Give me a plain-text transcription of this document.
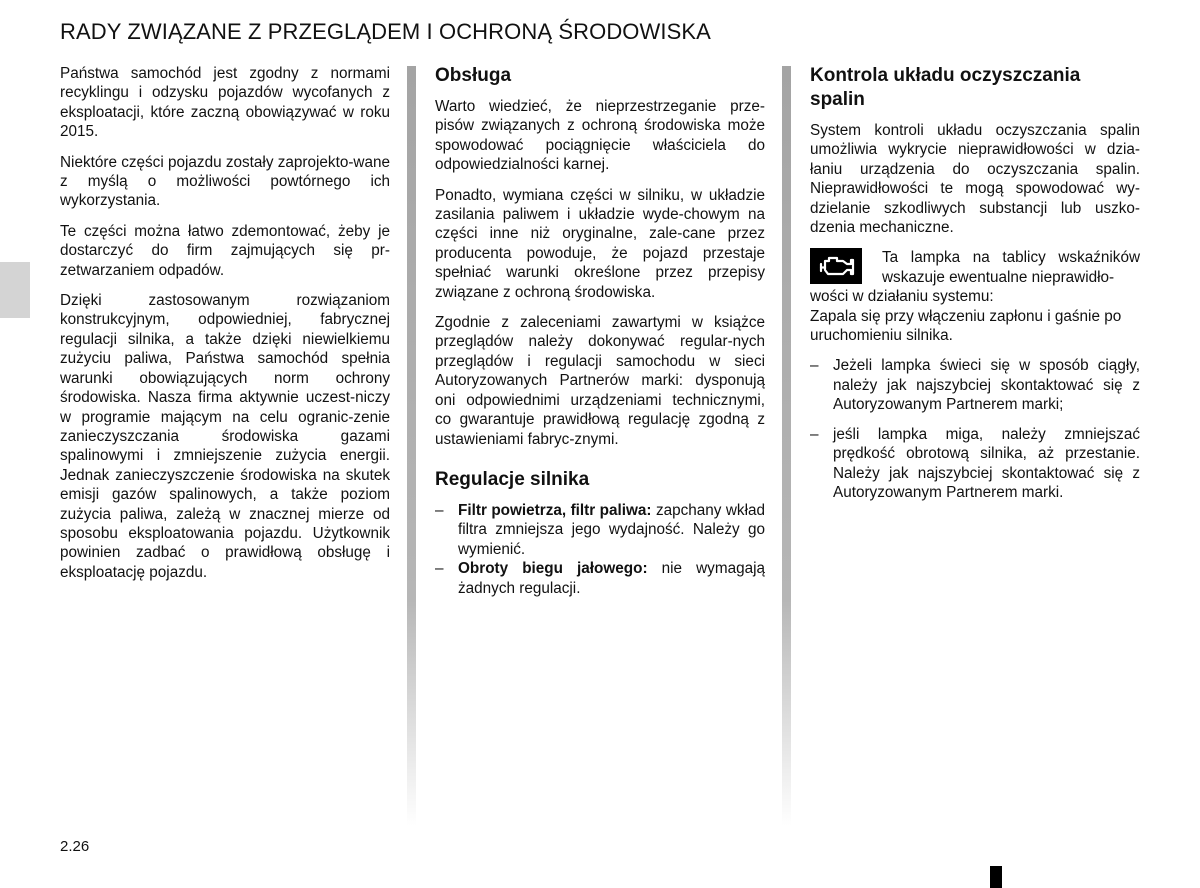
RADY ZWIĄZANE Z PRZEGLĄDEM I OCHRONĄ ŚRODOWISKA

Państwa samochód jest zgodny z normami recyklingu i odzysku pojazdów wycofanych z eksploatacji, które zaczną obowiązywać w roku 2015.

Niektóre części pojazdu zostały zaprojekto-wane z myślą o możliwości powtórnego ich wykorzystania.

Te części można łatwo zdemontować, żeby je dostarczyć do firm zajmujących się pr-zetwarzaniem odpadów.

Dzięki zastosowanym rozwiązaniom konstrukcyjnym, odpowiedniej, fabrycznej regulacji silnika, a także dzięki niewielkiemu zużyciu paliwa, Państwa samochód spełnia warunki obowiązujących norm ochrony środowiska. Nasza firma aktywnie uczest-niczy w programie mającym na celu ogranic-zenie zanieczyszczania środowiska gazami spalinowymi i zmniejszenie zużycia energii. Jednak zanieczyszczenie środowiska na skutek emisji gazów spalinowych, a także poziom zużycia paliwa, zależą w znacznej mierze od sposobu eksploatowania pojazdu. Użytkownik powinien zadbać o prawidłową obsługę i eksploatację pojazdu.

Obsługa

Warto wiedzieć, że nieprzestrzeganie prze-pisów związanych z ochroną środowiska może spowodować pociągnięcie właściciela do odpowiedzialności karnej.

Ponadto, wymiana części w silniku, w układzie zasilania paliwem i układzie wyde-chowym na części inne niż oryginalne, zale-cane przez producenta powoduje, że pojazd przestaje spełniać warunki określone przez przepisy związane z ochroną środowiska.

Zgodnie z zaleceniami zawartymi w książce przeglądów należy dokonywać regular-nych przeglądów i regulacji samochodu w sieci Autoryzowanych Partnerów marki: dysponują oni odpowiednimi urządzeniami technicznymi, co gwarantuje prawidłową regulację zgodną z ustawieniami fabryc-znymi.

Regulacje silnika
– Filtr powietrza, filtr paliwa: zapchany wkład filtra zmniejsza jego wydajność. Należy go wymienić.
– Obroty biegu jałowego: nie wymagają żadnych regulacji.
Kontrola układu oczyszczania spalin

System kontroli układu oczyszczania spalin umożliwia wykrycie nieprawidłowości w dzia-łaniu urządzenia do oczyszczania spalin. Nieprawidłowości te mogą spowodować wy-dzielanie szkodliwych substancji lub uszko-dzenia mechaniczne.

Ta lampka na tablicy wskaźników wskazuje ewentualne nieprawidło-
wości w działaniu systemu:
Zapala się przy włączeniu zapłonu i gaśnie po uruchomieniu silnika.
– Jeżeli lampka świeci się w sposób ciągły, należy jak najszybciej skontaktować się z Autoryzowanym Partnerem marki;
– jeśli lampka miga, należy zmniejszać prędkość obrotową silnika, aż przestanie. Należy jak najszybciej skontaktować się z Autoryzowanym Partnerem marki.
2.26
